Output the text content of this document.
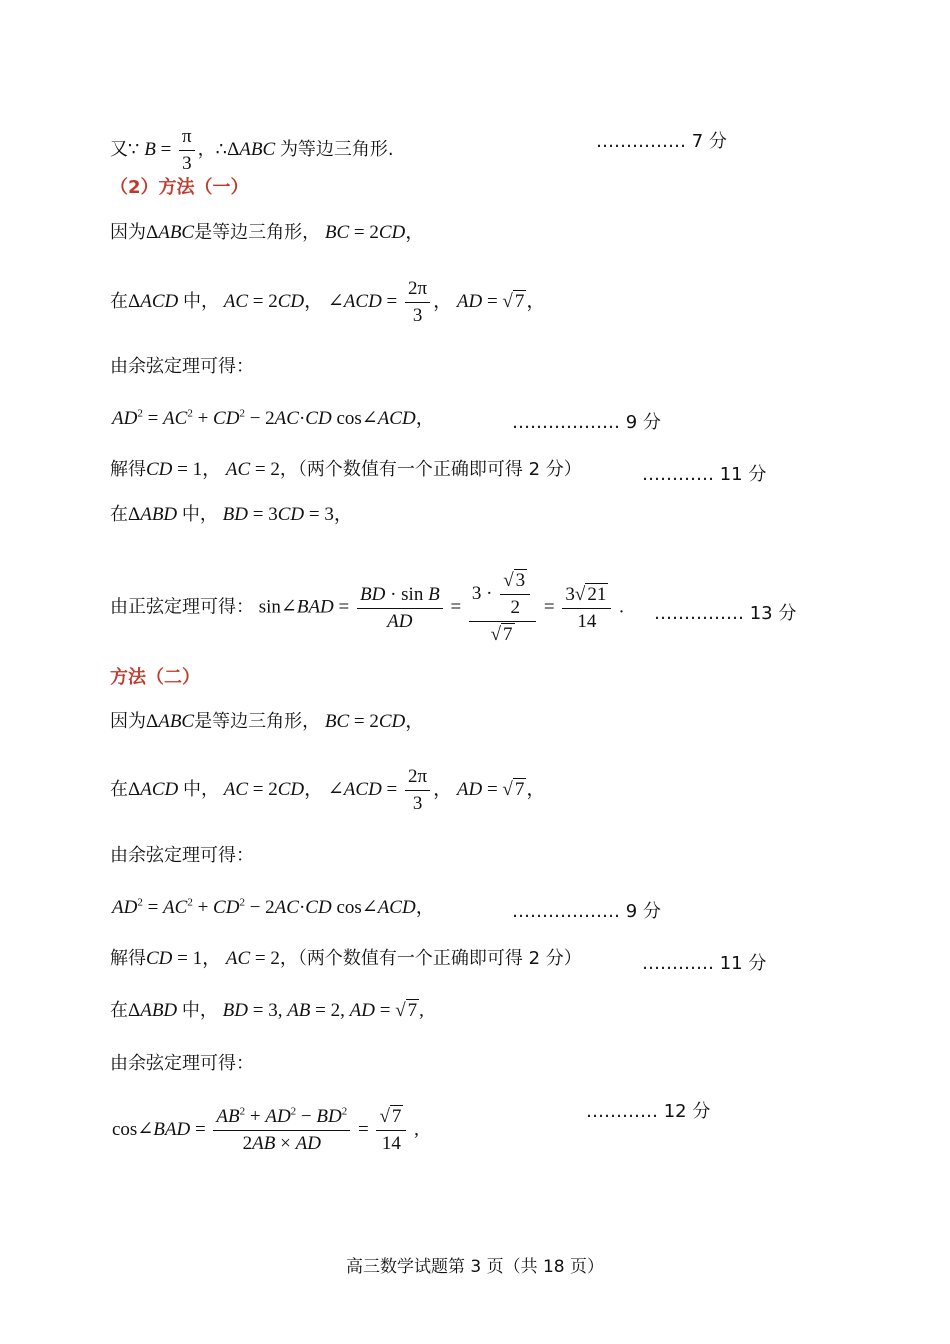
又∵ $B = \frac{\pi}{3}$ ，∴ΔABC 为等边三角形.	…………… 7 分
（2）方法（一）
因为ΔABC是等边三角形， BC = 2CD，
在ΔACD 中， AC = 2CD， ∠ACD = $\frac{2\pi}{3}$ ， AD = √ 7 ，
由余弦定理可得：
$AD^2 = AC^2 + CD^2 - 2AC\cdot CD$ cos∠ACD，	……………… 9 分
解得CD = 1， AC = 2，（两个数值有一个正确即可得 2 分）	………… 11 分
在ΔABD 中， BD = 3CD = 3，
由正弦定理可得： sin∠BAD = $\frac{\text{BD · sin B}}{AD} = \frac{3 \cdot \frac{√ 3}{2}}{√ 7} = \frac{3√ 21}{14}$ . …………… 13 分
方法（二）
因为ΔABC是等边三角形， BC = 2CD，
在ΔACD 中， AC = 2CD， ∠ACD = $\frac{2\pi}{3}$ ， AD = √ 7 ，
由余弦定理可得：
$AD^2 = AC^2 + CD^2 - 2AC\cdot CD$ cos∠ACD，	……………… 9 分
解得CD = 1， AC = 2，（两个数值有一个正确即可得 2 分）	………… 11 分
在ΔABD 中， BD = 3, AB = 2, AD = √ 7 ,
由余弦定理可得：
cos∠BAD = $\frac{AB^2 + AD^2 - BD^2}{2AB \times AD} = \frac{√ 7}{14}$ ,
………… 12 分
高三数学试题第 3 页（共 18 页）
